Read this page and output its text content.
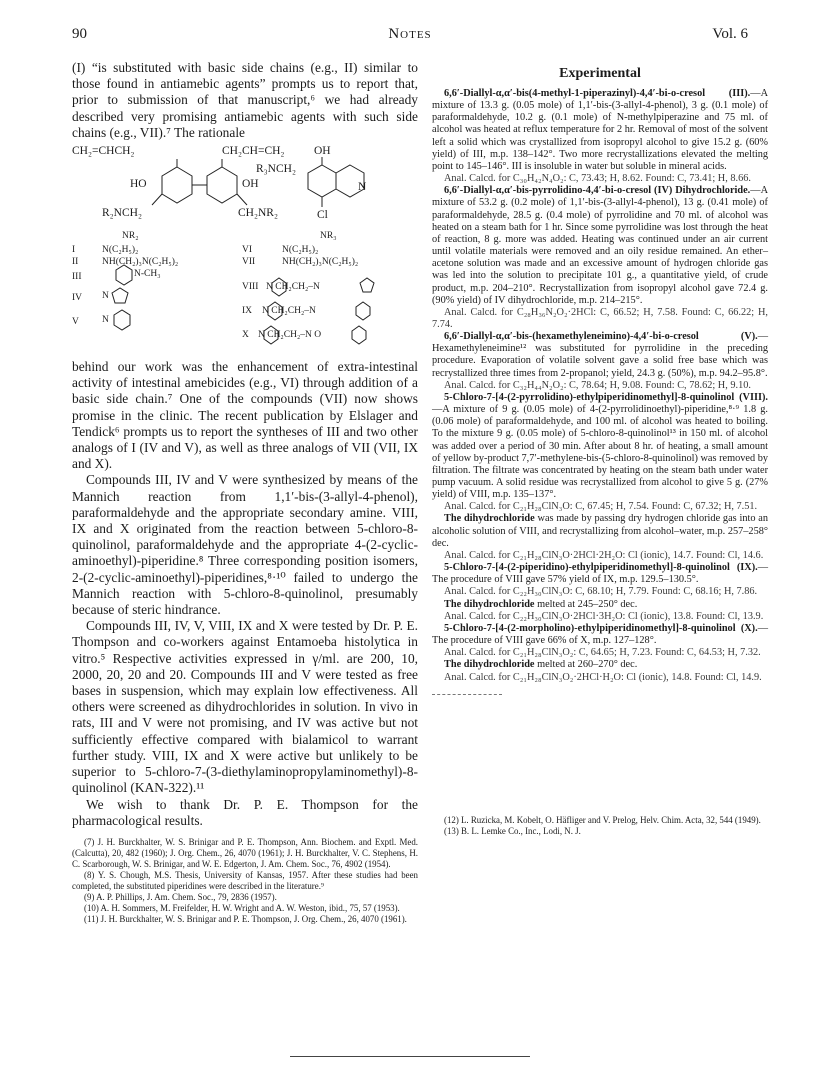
90	Notes	Vol. 6

(I) “is substituted with basic side chains (e.g., II) similar to those found in antiamebic agents” prompts us to report that, prior to submission of that manuscript,⁶ we had already described very promising antiamebic agents with such side chains (e.g., VII).⁷ The rationale

CH₂=CHCH₂	CH₂CH=CH₂
HO	OH
R₂NCH₂	CH₂NR₂
OH
R₃NCH₂
N
Cl
NR₂	NR₃
I	N(C₂H₅)₂
II NH(CH₂)₃N(C₂H₅)₂
III	N-CH₃
IV N
V N
VI	N(C₂H₅)₂
VII	NH(CH₂)₃N(C₂H₅)₂
VIII N CH₂CH₂–N
IX N CH₂CH₂–N
X N CH₂CH₂–N O

behind our work was the enhancement of extra-intestinal activity of intestinal amebicides (e.g., VI) through addition of a basic side chain.⁷ One of the compounds (VII) now shows promise in the clinic. The recent publication by Elslager and Tendick⁶ prompts us to report the syntheses of III and two other analogs of I (IV and V), as well as three analogs of VII (VII, IX and X).

Compounds III, IV and V were synthesized by means of the Mannich reaction from 1,1′-bis-(3-allyl-4-phenol), paraformaldehyde and the appropriate secondary amine. VIII, IX and X originated from the reaction between 5-chloro-8-quinolinol, paraformaldehyde and the appropriate 4-(2-cyclic-aminoethyl)-piperidine.⁸ Three corresponding position isomers, 2-(2-cyclic-aminoethyl)-piperidines,⁸·¹⁰ failed to undergo the Mannich reaction with 5-chloro-8-quinolinol, presumably because of steric hindrance.

Compounds III, IV, V, VIII, IX and X were tested by Dr. P. E. Thompson and co-workers against Entamoeba histolytica in vitro.⁵ Respective activities expressed in γ/ml. are 200, 10, 2000, 20, 20 and 20. Compounds III and V were tested as free bases in suspension, which may explain low effectiveness. All others were screened as dihydrochlorides in solution. In vivo in rats, III and V were not promising, and IV was active but not sufficiently effective compared with bialamicol to warrant further study. VIII, IX and X were active but unlikely to be superior to 5-chloro-7-(3-diethylaminopropylaminomethyl)-8-quinolinol (KAN-322).¹¹

We wish to thank Dr. P. E. Thompson for the pharmacological results.

(7) J. H. Burckhalter, W. S. Brinigar and P. E. Thompson, Ann. Biochem. and Exptl. Med. (Calcutta), 20, 482 (1960); J. Org. Chem., 26, 4070 (1961); J. H. Burckhalter, V. C. Stephens, H. C. Scarborough, W. S. Brinigar, and W. E. Edgerton, J. Am. Chem. Soc., 76, 4902 (1954).

(8) Y. S. Chough, M.S. Thesis, University of Kansas, 1957. After these studies had been completed, the substituted piperidines were described in the literature.⁹

(9) A. P. Phillips, J. Am. Chem. Soc., 79, 2836 (1957).

(10) A. H. Sommers, M. Freifelder, H. W. Wright and A. W. Weston, ibid., 75, 57 (1953).

(11) J. H. Burckhalter, W. S. Brinigar and P. E. Thompson, J. Org. Chem., 26, 4070 (1961).

Experimental

6,6′-Diallyl-α,α′-bis(4-methyl-1-piperazinyl)-4,4′-bi-o-cresol (III).—A mixture of 13.3 g. (0.05 mole) of 1,1′-bis-(3-allyl-4-phenol), 3 g. (0.1 mole) of paraformaldehyde, 10.2 g. (0.1 mole) of N-methylpiperazine and 75 ml. of alcohol was heated at reflux temperature for 2 hr. Removal of most of the solvent left a solid which was crystallized from isopropyl alcohol to give 15.2 g. (60% yield) of III, m.p. 138–142°. Two more recrystallizations elevated the melting point to 145–146°. III is insoluble in water but soluble in mineral acids.

Anal. Calcd. for C₃₀H₄₂N₄O₂: C, 73.43; H, 8.62. Found: C, 73.41; H, 8.66.

6,6′-Diallyl-α,α′-bis-pyrrolidino-4,4′-bi-o-cresol (IV) Dihydrochloride.—A mixture of 53.2 g. (0.2 mole) of 1,1′-bis-(3-allyl-4-phenol), 13 g. (0.41 mole) of paraformaldehyde, 28.5 g. (0.4 mole) of pyrrolidine and 70 ml. of alcohol was heated on a steam bath for 1 hr. Since some pyrrolidine was lost through the heat of reaction, 8 g. more was added. Heating was continued under an air current until volatile materials were removed and an oily residue remained. An ether–acetone solution was made and an excessive amount of hydrogen chloride gas was led into the solution to precipitate 101 g., a quantitative yield, of crude product, m.p. 204–210°. Recrystallization from isopropyl alcohol gave 72.4 g. (90% yield) of IV dihydrochloride, m.p. 214–215°.

Anal. Calcd. for C₂₈H₃₆N₂O₂·2HCl: C, 66.52; H, 7.58. Found: C, 66.22; H, 7.74.

6,6′-Diallyl-α,α′-bis-(hexamethyleneimino)-4,4′-bi-o-cresol (V).—Hexamethyleneimine¹² was substituted for pyrrolidine in the preceding procedure. Evaporation of volatile solvent gave a solid free base which was recrystallized three times from 2-propanol; yield, 24.3 g. (50%), m.p. 94.2–95.8°.

Anal. Calcd. for C₃₂H₄₄N₂O₂: C, 78.64; H, 9.08. Found: C, 78.62; H, 9.10.

5-Chloro-7-[4-(2-pyrrolidino)-ethylpiperidinomethyl]-8-quinolinol (VIII).—A mixture of 9 g. (0.05 mole) of 4-(2-pyrrolidinoethyl)-piperidine,⁸·⁹ 1.8 g. (0.06 mole) of paraformaldehyde, and 100 ml. of alcohol was heated to boiling. To the mixture 9 g. (0.05 mole) of 5-chloro-8-quinolinol¹³ in 150 ml. of alcohol was added over a period of 30 min. After about 8 hr. of heating, a small amount of yellow by-product 7,7′-methylene-bis-(5-chloro-8-quinolinol) was removed by filtration. The filtrate was concentrated by heating on the steam bath under water pump vacuum. A solid residue was recrystallized from alcohol to give 5 g. (27% yield) of VIII, m.p. 135–137°.

Anal. Calcd. for C₂₁H₂₈ClN₃O: C, 67.45; H, 7.54. Found: C, 67.32; H, 7.51.

The dihydrochloride was made by passing dry hydrogen chloride gas into an alcoholic solution of VIII, and recrystallizing from alcohol–water, m.p. 257–258° dec.

Anal. Calcd. for C₂₁H₂₈ClN₃O·2HCl·2H₂O: Cl (ionic), 14.7. Found: Cl, 14.6.

5-Chloro-7-[4-(2-piperidino)-ethylpiperidinomethyl]-8-quinolinol (IX).—The procedure of VIII gave 57% yield of IX, m.p. 129.5–130.5°.

Anal. Calcd. for C₂₂H₃₀ClN₃O: C, 68.10; H, 7.79. Found: C, 68.16; H, 7.86.

The dihydrochloride melted at 245–250° dec.

Anal. Calcd. for C₂₂H₃₀ClN₃O·2HCl·3H₂O: Cl (ionic), 13.8. Found: Cl, 13.9.

5-Chloro-7-[4-(2-morpholino)-ethylpiperidinomethyl]-8-quinolinol (X).—The procedure of VIII gave 66% of X, m.p. 127–128°.

Anal. Calcd. for C₂₁H₂₈ClN₃O₂: C, 64.65; H, 7.23. Found: C, 64.53; H, 7.32.

The dihydrochloride melted at 260–270° dec.

Anal. Calcd. for C₂₁H₂₈ClN₃O₂·2HCl·H₂O: Cl (ionic), 14.8. Found: Cl, 14.9.

(12) L. Ruzicka, M. Kobelt, O. Häfliger and V. Prelog, Helv. Chim. Acta, 32, 544 (1949).

(13) B. L. Lemke Co., Inc., Lodi, N. J.
